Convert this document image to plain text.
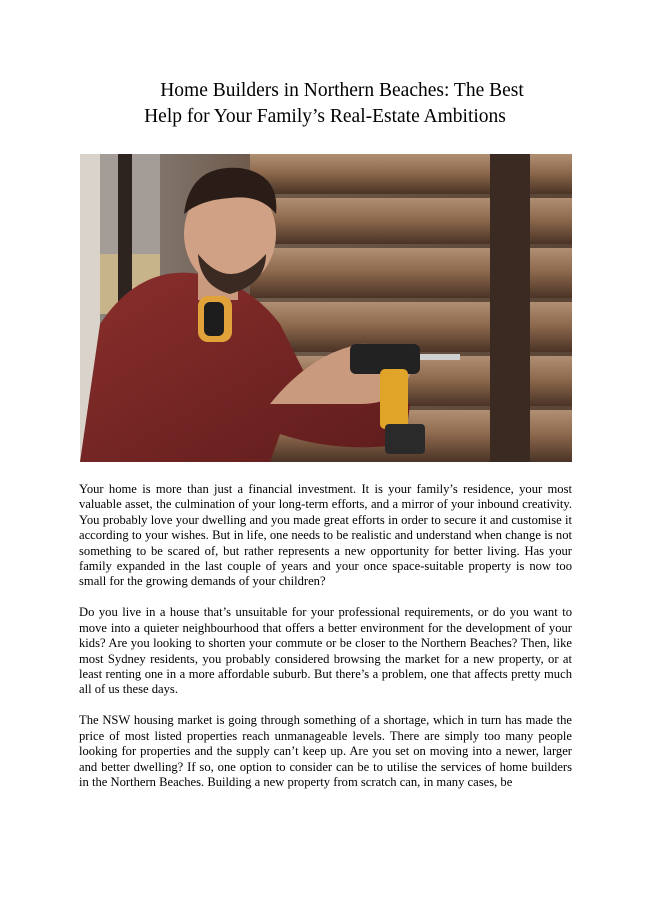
Home Builders in Northern Beaches: The Best
Help for Your Family’s Real-Estate Ambitions

Your home is more than just a financial investment. It is your family’s residence, your most valuable asset, the culmination of your long-term efforts, and a mirror of your inbound creativity. You probably love your dwelling and you made great efforts in order to secure it and customise it according to your wishes. But in life, one needs to be realistic and understand when change is not something to be scared of, but rather represents a new opportunity for better living. Has your family expanded in the last couple of years and your once space-suitable property is now too small for the growing demands of your children?

Do you live in a house that’s unsuitable for your professional requirements, or do you want to move into a quieter neighbourhood that offers a better environment for the development of your kids? Are you looking to shorten your commute or be closer to the Northern Beaches? Then, like most Sydney residents, you probably considered browsing the market for a new property, or at least renting one in a more affordable suburb. But there’s a problem, one that affects pretty much all of us these days.

The NSW housing market is going through something of a shortage, which in turn has made the price of most listed properties reach unmanageable levels. There are simply too many people looking for properties and the supply can’t keep up. Are you set on moving into a newer, larger and better dwelling? If so, one option to consider can be to utilise the services of home builders in the Northern Beaches. Building a new property from scratch can, in many cases, be
